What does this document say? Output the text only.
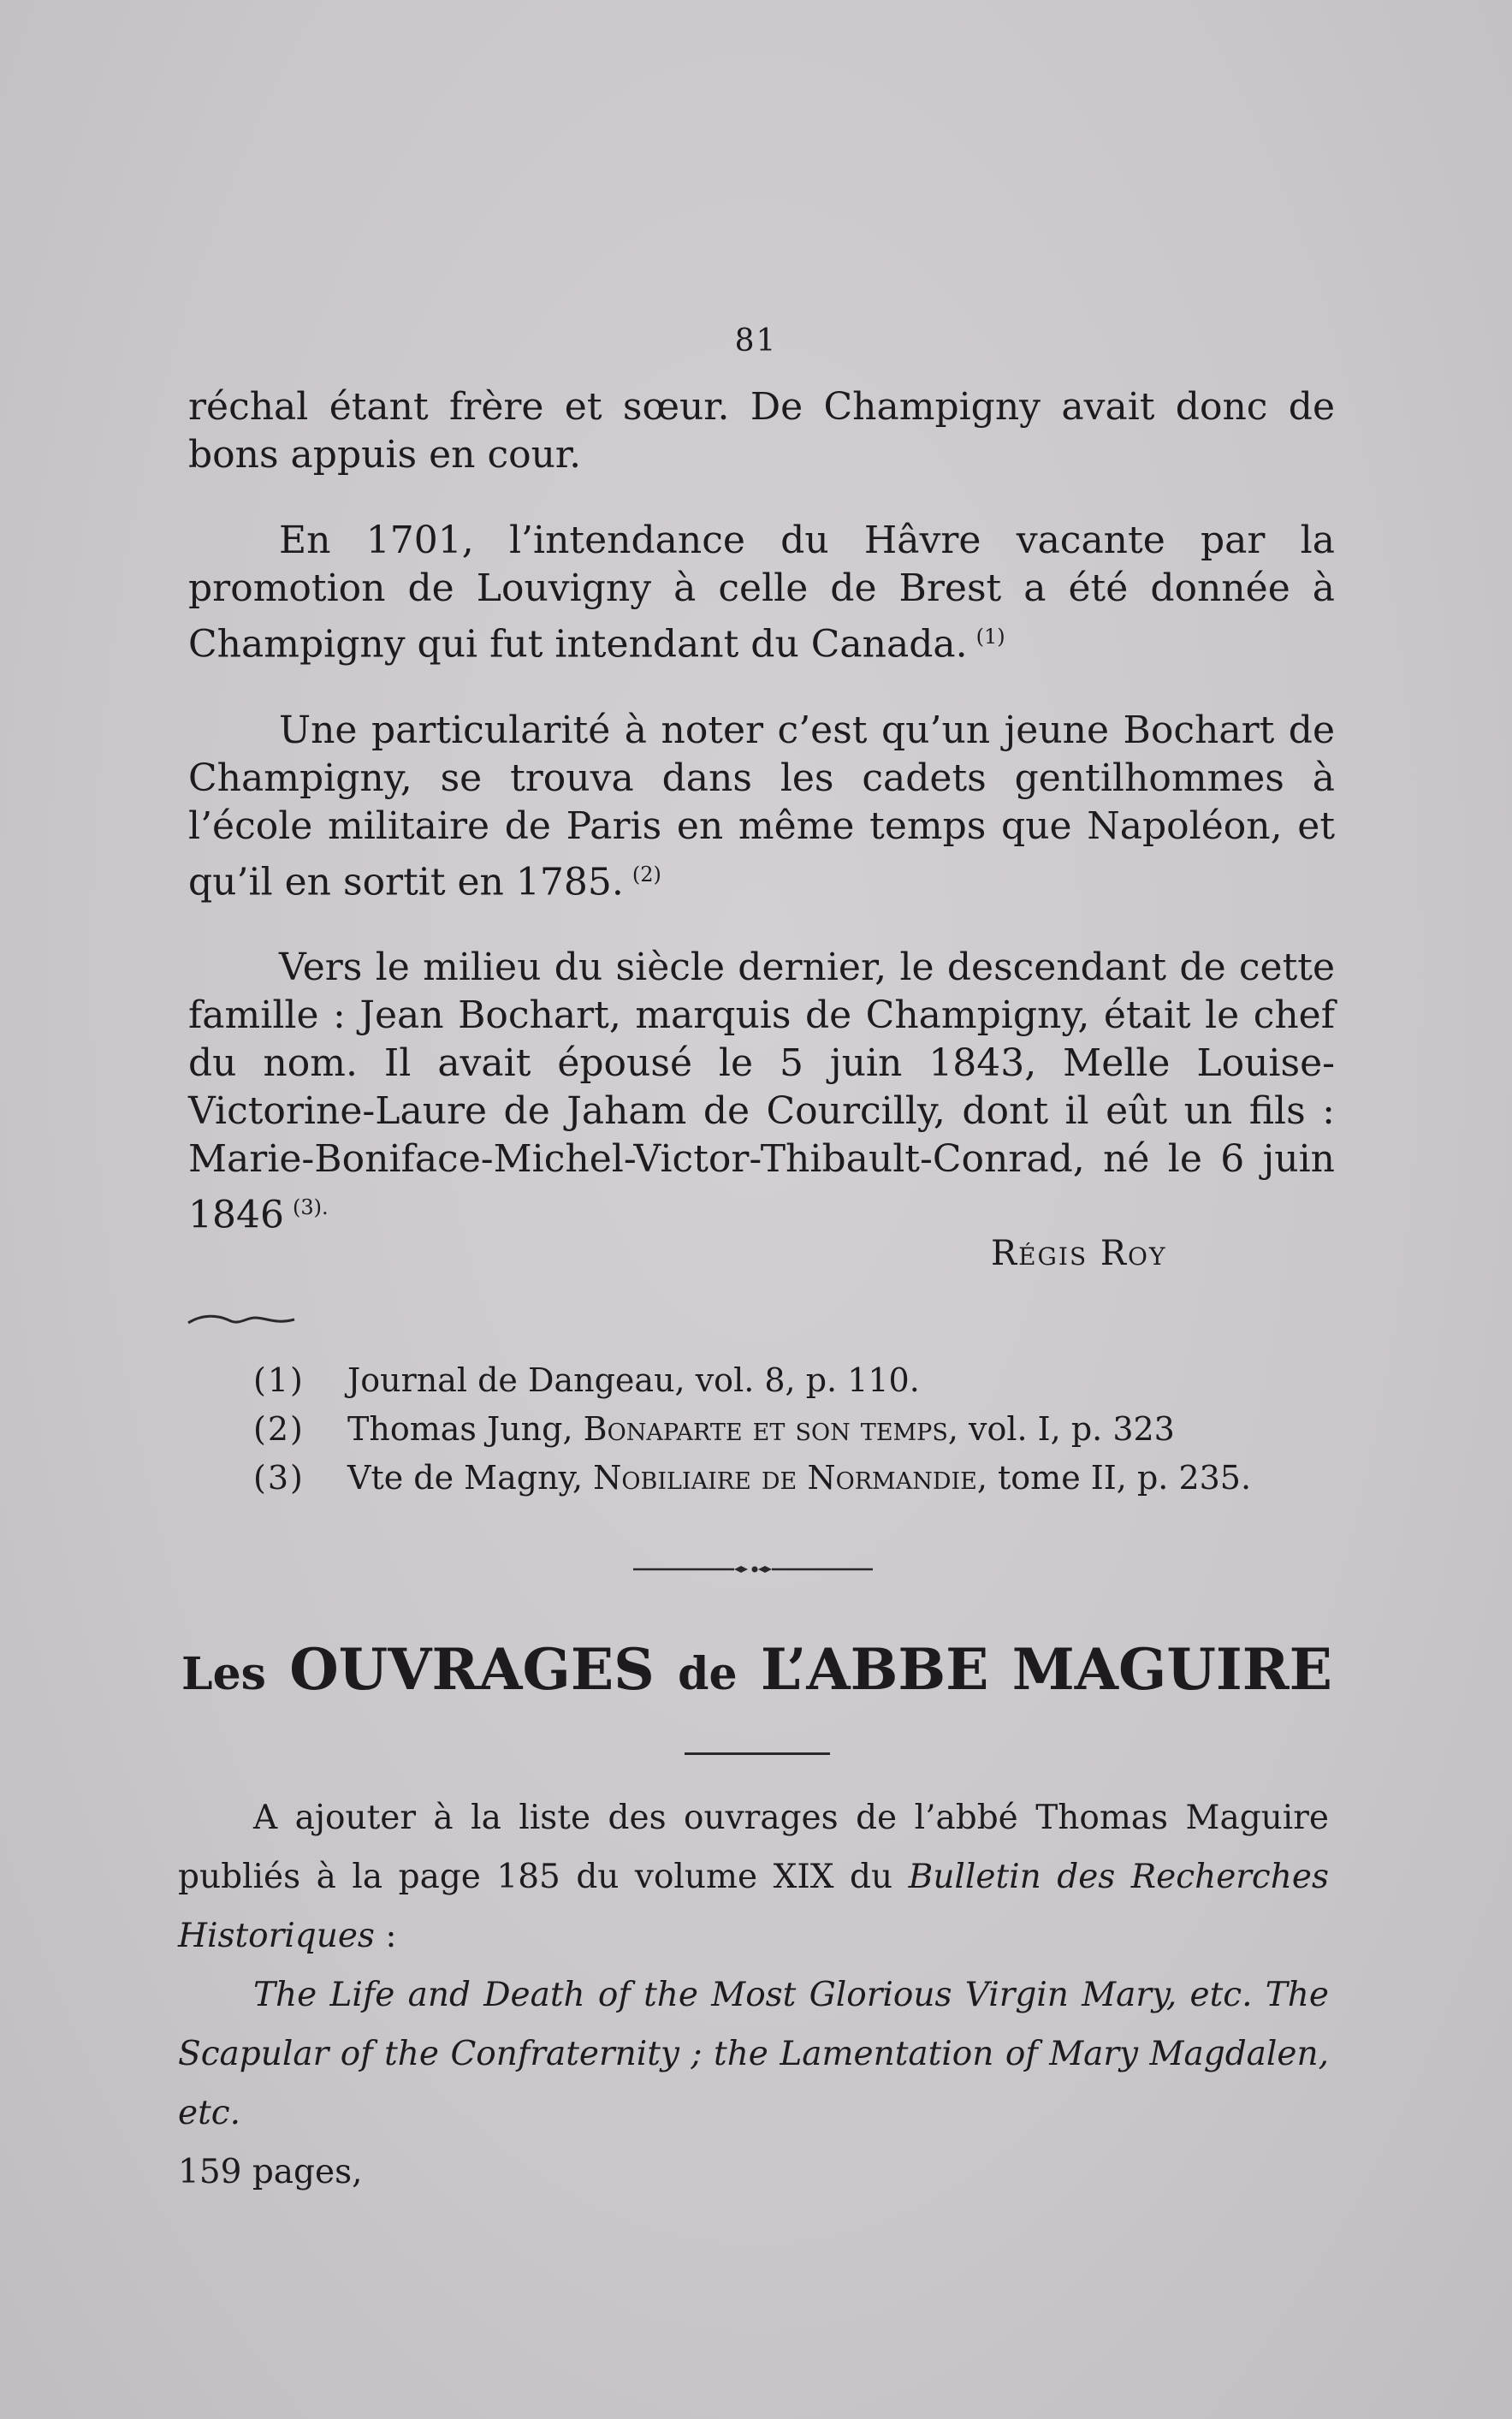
81

réchal étant frère et sœur. De Champigny avait donc de bons appuis en cour.

En 1701, l’intendance du Hâvre vacante par la promotion de Louvigny à celle de Brest a été donnée à Champigny qui fut intendant du Canada. $^{(1)}$

Une particularité à noter c’est qu’un jeune Bochart de Champigny, se trouva dans les cadets gentilhommes à l’école militaire de Paris en même temps que Napoléon, et qu’il en sortit en 1785. $^{(2)}$

Vers le milieu du siècle dernier, le descendant de cette famille : Jean Bochart, marquis de Champigny, était le chef du nom. Il avait épousé le 5 juin 1843, Melle Louise-Victorine-Laure de Jaham de Courcilly, dont il eût un fils : Marie-Boniface-Michel-Victor-Thibault-Conrad, né le 6 juin 1846 $^{(3).}$

Régis Roy
(1)	Journal de Dangeau,
vol. 8, p. 110.
(2)	Thomas Jung,
Bonaparte et son temps,
vol. I, p. 323
(3)	Vte de Magny,
Nobiliaire de Normandie,
tome II, p. 235.
Les OUVRAGES de L’ABBE MAGUIRE

A ajouter à la liste des ouvrages de l’abbé Thomas Maguire publiés à la page 185 du volume XIX du Bulletin des Recherches Historiques :

The Life and Death of the Most Glorious Virgin Mary, etc. The Scapular of the Confraternity ; the Lamentation of Mary Magdalen, etc.

159 pages,
